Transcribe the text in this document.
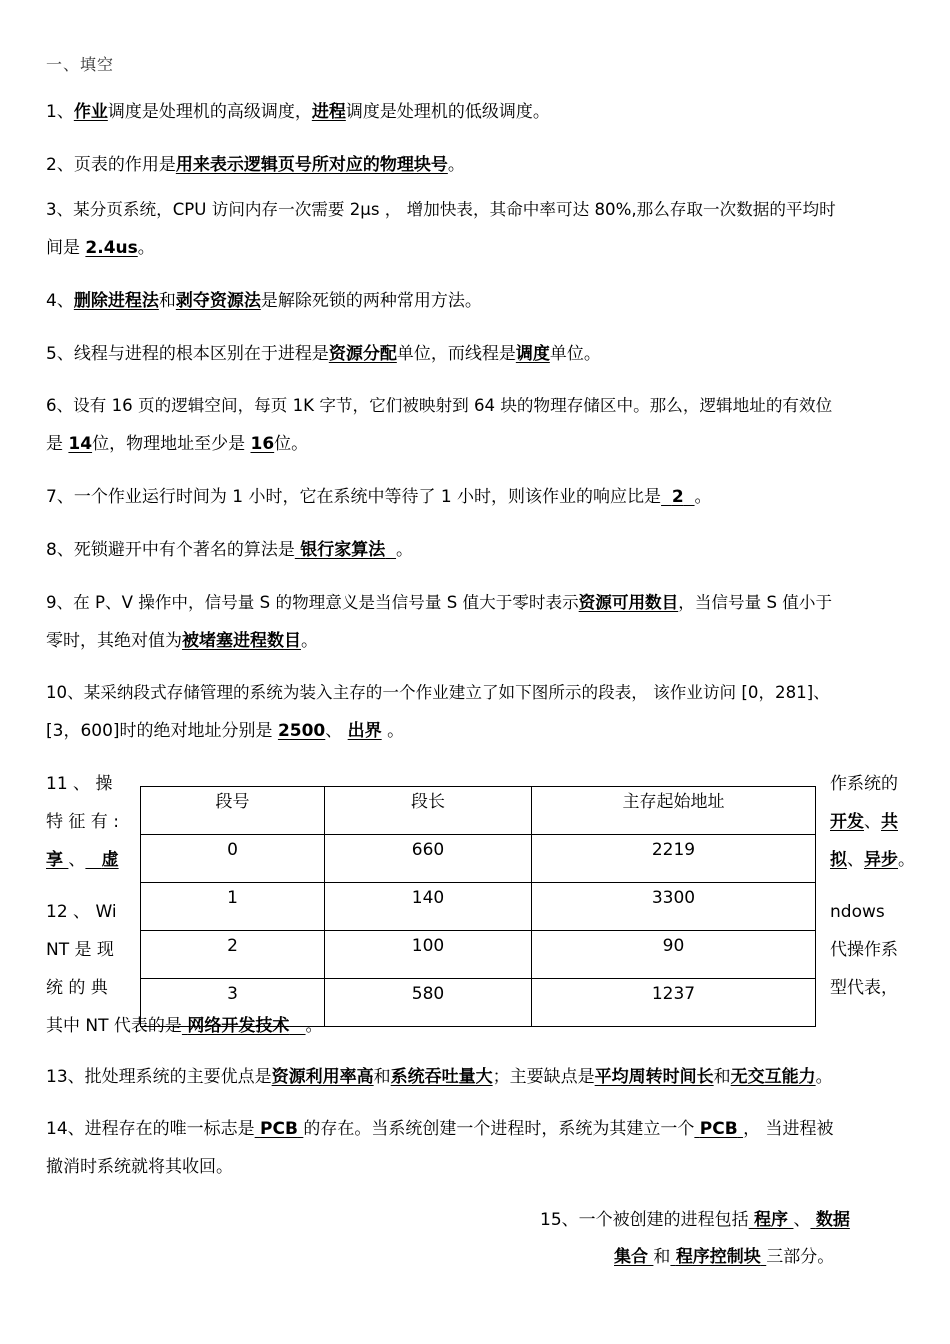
一、填空
1、作业调度是处理机的高级调度，进程调度是处理机的低级调度。
2、页表的作用是用来表示逻辑页号所对应的物理块号。
3、某分页系统，CPU 访问内存一次需要 2μs ， 增加快表，其命中率可达 80%,那么存取一次数据的平均时
间是 2.4us。
4、删除进程法和剥夺资源法是解除死锁的两种常用方法。
5、线程与进程的根本区别在于进程是资源分配单位，而线程是调度单位。
6、设有 16 页的逻辑空间，每页 1K 字节，它们被映射到 64 块的物理存储区中。那么，逻辑地址的有效位
是 14位，物理地址至少是 16位。
7、一个作业运行时间为 1 小时，它在系统中等待了 1 小时，则该作业的响应比是 2 。
8、死锁避开中有个著名的算法是 银行家算法 。
9、在 P、V 操作中，信号量 S 的物理意义是当信号量 S 值大于零时表示资源可用数目，当信号量 S 值小于
零时，其绝对值为被堵塞进程数目。
10、某采纳段式存储管理的系统为装入主存的一个作业建立了如下图所示的段表， 该作业访问 [0，281]、
[3，600]时的绝对地址分别是 2500、 出界 。
11 、 操
特 征 有 :
享 、 虚
作系统的
开发、共
拟、异步。
12 、 Wi
NT 是 现
统 的 典
ndows
代操作系
型代表，
其中 NT 代表的是 网络开发技术 。
段号	段长	主存起始地址
0	660	2219
1	140	3300
2	100	90
3	580	1237
13、批处理系统的主要优点是资源利用率高和系统吞吐量大；主要缺点是平均周转时间长和无交互能力。
14、进程存在的唯一标志是 PCB 的存在。当系统创建一个进程时，系统为其建立一个 PCB ， 当进程被
撤消时系统就将其收回。
15、一个被创建的进程包括 程序 、 数据
集合 和 程序控制块 三部分。
